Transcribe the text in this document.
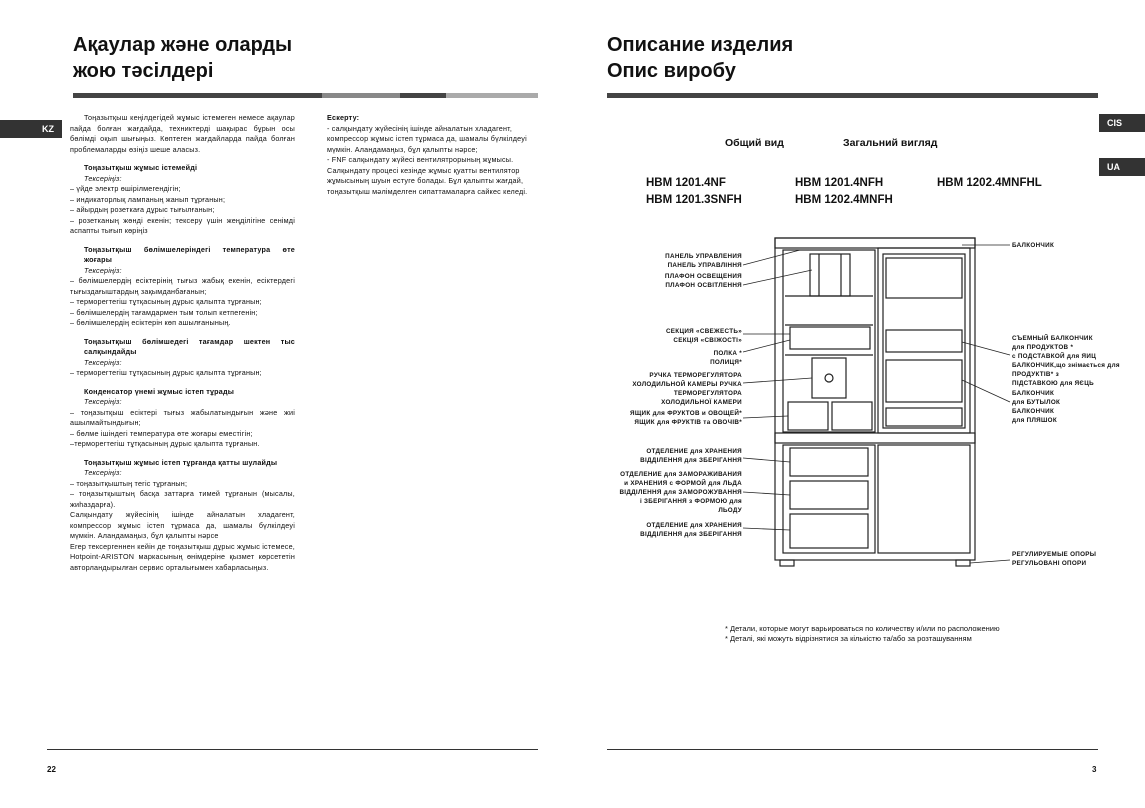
Ақаулар және оларды
жою тәсілдері
KZ

Тоңазытқыш кеңілдегідей жұмыс істемеген немесе ақаулар пайда болған жағдайда, техниктерді шақырас бұрын осы бөлімді оқып шығыңыз. Көптеген жағдайларда пайда болған проблемаларды өзіңіз шеше аласыз.

Тоңазытқыш жұмыс істемейді

Тексеріңіз:

– үйде электр өшірілмегендігін;

– индикаторлық лампаның жанып тұрғанын;

– айырдың розеткаға дұрыс тығылғанын;

– розетканың жөнді екенін; тексеру үшін жеңділігіне сенімді аспапты тығып көріңіз

Тоңазытқыш бөлімшелеріндегі температура өте жоғары

Тексеріңіз:

– бөлімшелердің есіктерінің тығыз жабық екенін, есіктердегі тығыздағыштардың зақымданбағанын;

– терморегтегіш тұтқасының дұрыс қалыпта тұрғанын;

– бөлімшелердің тағамдармен тым толып кетпегенін;

– бөлімшелердің есіктерін көп ашылғанының.

Тоңазытқыш бөлімшедегі тағамдар шектен тыс салқындайды

Тексеріңіз:

– терморегтегіш тұтқасының дұрыс қалыпта тұрғанын;

Конденсатор үнемі жұмыс істеп тұрады

Тексеріңіз:

– тоңазытқыш есіктері тығыз жабылатындығын және жиі ашылмайтындығын;

– бөлме ішіндегі температура өте жоғары еместігін;

–терморегтегіш тұтқасының дұрыс қалыпта тұрғанын.

Тоңазытқыш жұмыс істеп тұрғанда қатты шулайды

Тексеріңіз:

– тоңазытқыштың тегіс тұрғанын;

– тоңазытқыштың басқа заттарға тимей тұрғанын (мысалы, жиһаздарға).

Салқындату жүйесінің ішінде айналатын хладагент, компрессор жұмыс істеп тұрмаса да, шамалы бүлкілдеуі мүмкін. Аландамаңыз, бұл қалыпты нәрсе

Егер тексергеннен кейін де тоңазытқыш дұрыс жұмыс істемесе, Hotpoint-ARISTON маркасының өнімдеріне қызмет көрсететін авторландырылған сервис орталығымен хабарласыңыз.

Ескерту:

- салқындату жүйесінің ішінде айналатын хладагент, компрессор жұмыс істеп тұрмаса да, шамалы бүлкілдеуі мүмкін. Аландамаңыз, бұл қалыпты нәрсе;

- FNF салқындату жүйесі вентилятрорының жұмысы. Салқындату процесі кезінде жұмыс қуатты вентилятор жұмысының шуын естуге болады. Бұл қалыпты жағдай, тоңазытқыш мәлімделген сипаттамаларға сайкес келеді.

22
Описание изделия
Опис виробу
CIS
UA
Общий вид	Загальний вигляд
HBM 1201.4NF
HBM 1201.3SNFH
HBM 1201.4NFH
HBM 1202.4MNFH
HBM 1202.4MNFHL
ПАНЕЛЬ УПРАВЛЕНИЯ
ПАНЕЛЬ УПРАВЛІННЯ
ПЛАФОН ОСВЕЩЕНИЯ
ПЛАФОН ОСВІТЛЕННЯ
СЕКЦИЯ «СВЕЖЕСТЬ»
СЕКЦІЯ «СВІЖОСТІ»
ПОЛКА *
ПОЛИЦЯ*
РУЧКА ТЕРМОРЕГУЛЯТОРА
ХОЛОДИЛЬНОЙ КАМЕРЫ РУЧКА
ТЕРМОРЕГУЛЯТОРА
ХОЛОДИЛЬНОЇ КАМЕРИ
ЯЩИК для ФРУКТОВ и ОВОЩЕЙ*
ЯЩИК для ФРУКТІВ та ОВОЧІВ*
ОТДЕЛЕНИЕ для ХРАНЕНИЯ
ВІДДІЛЕННЯ для ЗБЕРІГАННЯ
ОТДЕЛЕНИЕ для ЗАМОРАЖИВАНИЯ
и ХРАНЕНИЯ с ФОРМОЙ для ЛЬДА
ВІДДІЛЕННЯ для ЗАМОРОЖУВАННЯ
і ЗБЕРІГАННЯ з ФОРМОЮ для
ЛЬОДУ
ОТДЕЛЕНИЕ для ХРАНЕНИЯ
ВІДДІЛЕННЯ для ЗБЕРІГАННЯ
БАЛКОНЧИК
СЪЕМНЫЙ БАЛКОНЧИК
для ПРОДУКТОВ *
с ПОДСТАВКОЙ для ЯИЦ
БАЛКОНЧИК,що знімається для ПРОДУКТІВ* з
ПІДСТАВКОЮ для ЯЄЦЬ
БАЛКОНЧИК
для БУТЫЛОК
БАЛКОНЧИК
для ПЛЯШОК
РЕГУЛИРУЕМЫЕ ОПОРЫ
РЕГУЛЬОВАНІ ОПОРИ
* Детали, которые могут варьироваться по количеству и/или по расположению
* Деталі, які можуть відрізнятися за кількістю та/або за розташуванням
3
